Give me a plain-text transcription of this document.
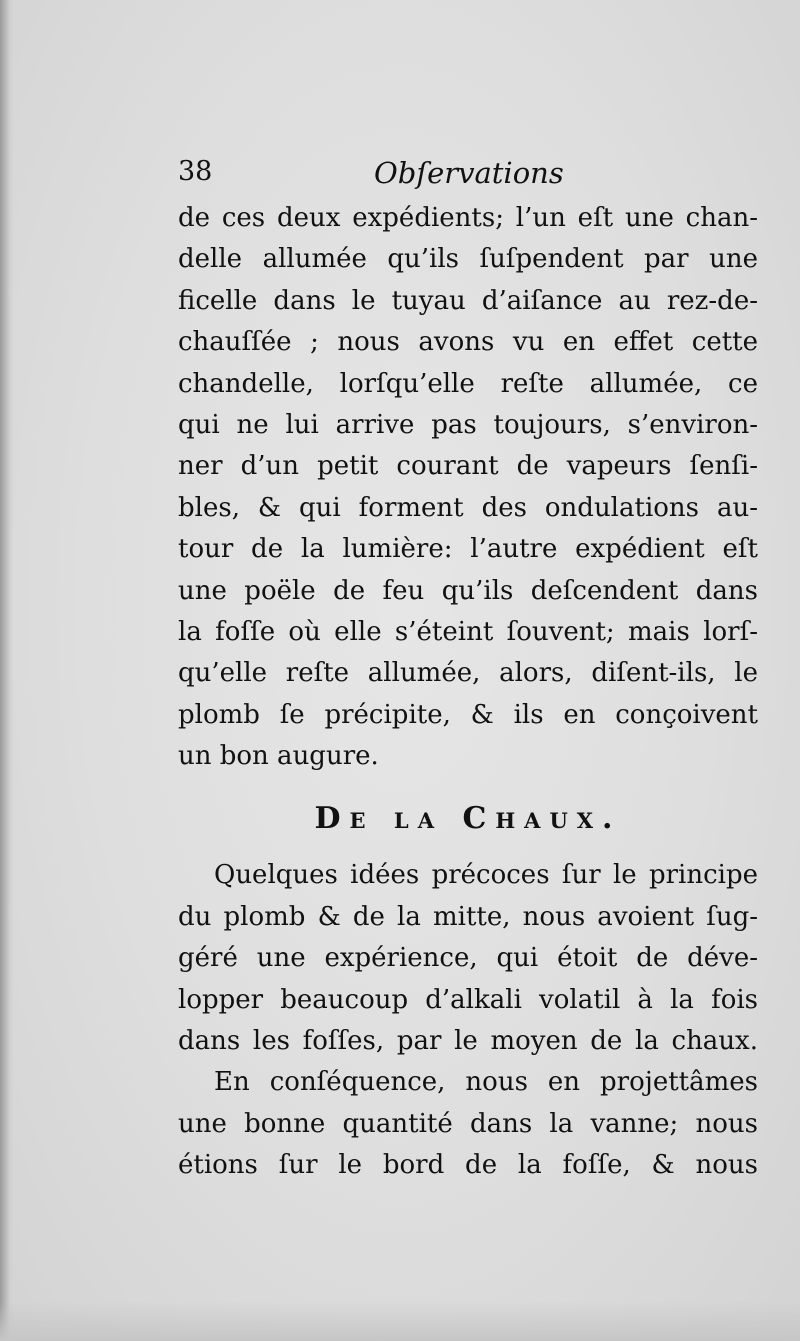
38	Obſervations
de ces deux expédients; l’un eſt une chan-
delle allumée qu’ils ſuſpendent par une
ficelle dans le tuyau d’aiſance au rez-de-
chauſſée ; nous avons vu en effet cette
chandelle, lorſqu’elle reſte allumée, ce
qui ne lui arrive pas toujours, s’environ-
ner d’un petit courant de vapeurs ſenſi-
bles, & qui forment des ondulations au-
tour de la lumière: l’autre expédient eſt
une poële de feu qu’ils deſcendent dans
la foſſe où elle s’éteint ſouvent; mais lorſ-
qu’elle reſte allumée, alors, diſent-ils, le
plomb ſe précipite, & ils en conçoivent
un bon augure.
De la Chaux.
Quelques idées précoces ſur le principe
du plomb & de la mitte, nous avoient ſug-
géré une expérience, qui étoit de déve-
lopper beaucoup d’alkali volatil à la fois
dans les foſſes, par le moyen de la chaux.
En conſéquence, nous en projettâmes
une bonne quantité dans la vanne; nous
étions ſur le bord de la foſſe, & nous
